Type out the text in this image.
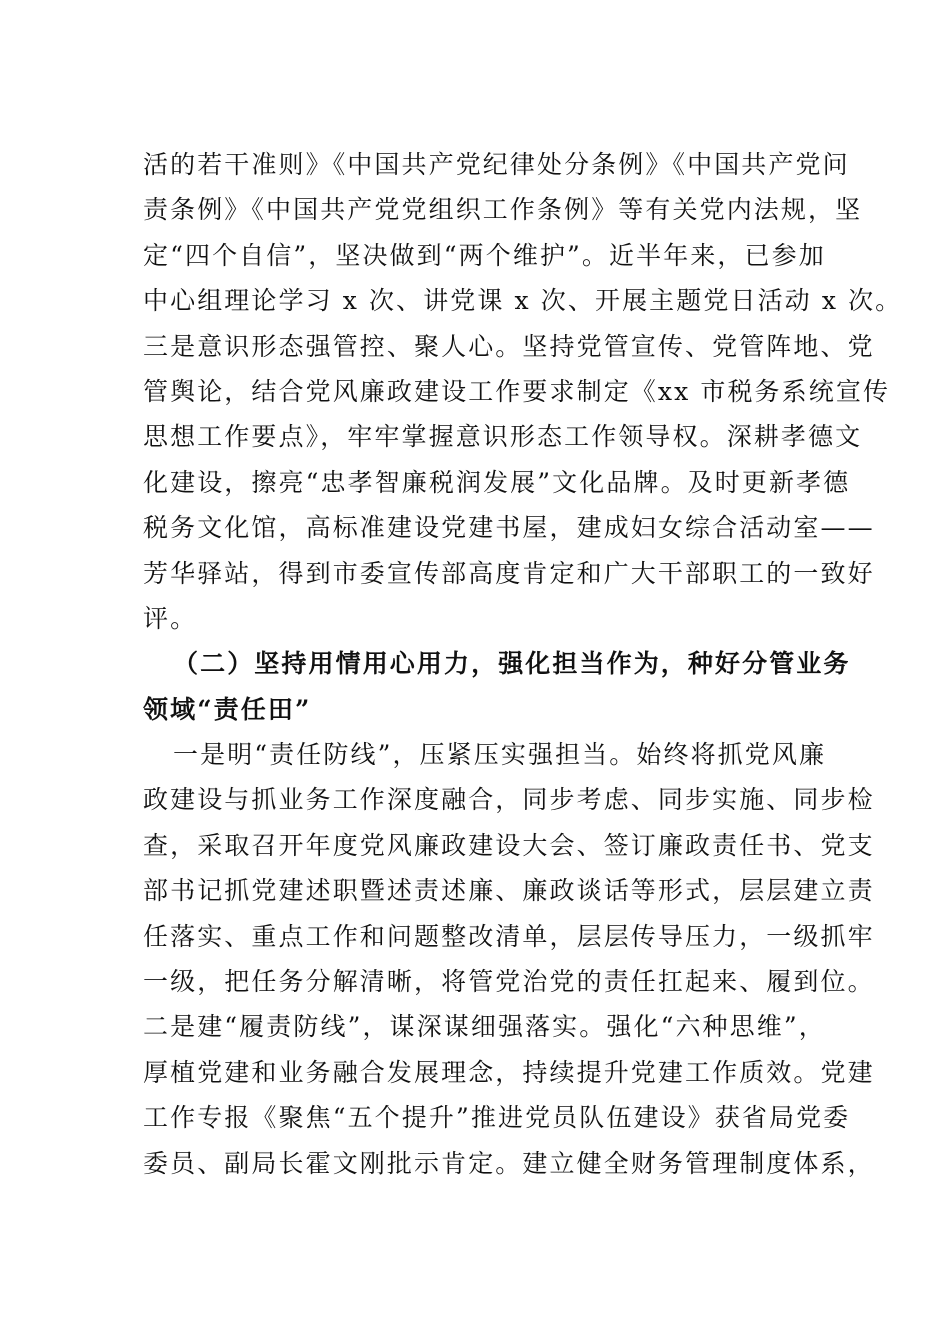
活的若干准则》《中国共产党纪律处分条例》《中国共产党问
责条例》《中国共产党党组织工作条例》等有关党内法规，坚
定“四个自信”，坚决做到“两个维护”。近半年来，已参加
中心组理论学习 x 次、讲党课 x 次、开展主题党日活动 x 次。
三是意识形态强管控、聚人心。坚持党管宣传、党管阵地、党
管舆论，结合党风廉政建设工作要求制定《xx 市税务系统宣传
思想工作要点》，牢牢掌握意识形态工作领导权。深耕孝德文
化建设，擦亮“忠孝智廉税润发展”文化品牌。及时更新孝德
税务文化馆，高标准建设党建书屋，建成妇女综合活动室——
芳华驿站，得到市委宣传部高度肯定和广大干部职工的一致好
评。
（二）坚持用情用心用力，强化担当作为，种好分管业务
领域“责任田”
一是明“责任防线”，压紧压实强担当。始终将抓党风廉
政建设与抓业务工作深度融合，同步考虑、同步实施、同步检
查，采取召开年度党风廉政建设大会、签订廉政责任书、党支
部书记抓党建述职暨述责述廉、廉政谈话等形式，层层建立责
任落实、重点工作和问题整改清单，层层传导压力，一级抓牢
一级，把任务分解清晰，将管党治党的责任扛起来、履到位。
二是建“履责防线”，谋深谋细强落实。强化“六种思维”，
厚植党建和业务融合发展理念，持续提升党建工作质效。党建
工作专报《聚焦“五个提升”推进党员队伍建设》获省局党委
委员、副局长霍文刚批示肯定。建立健全财务管理制度体系，
